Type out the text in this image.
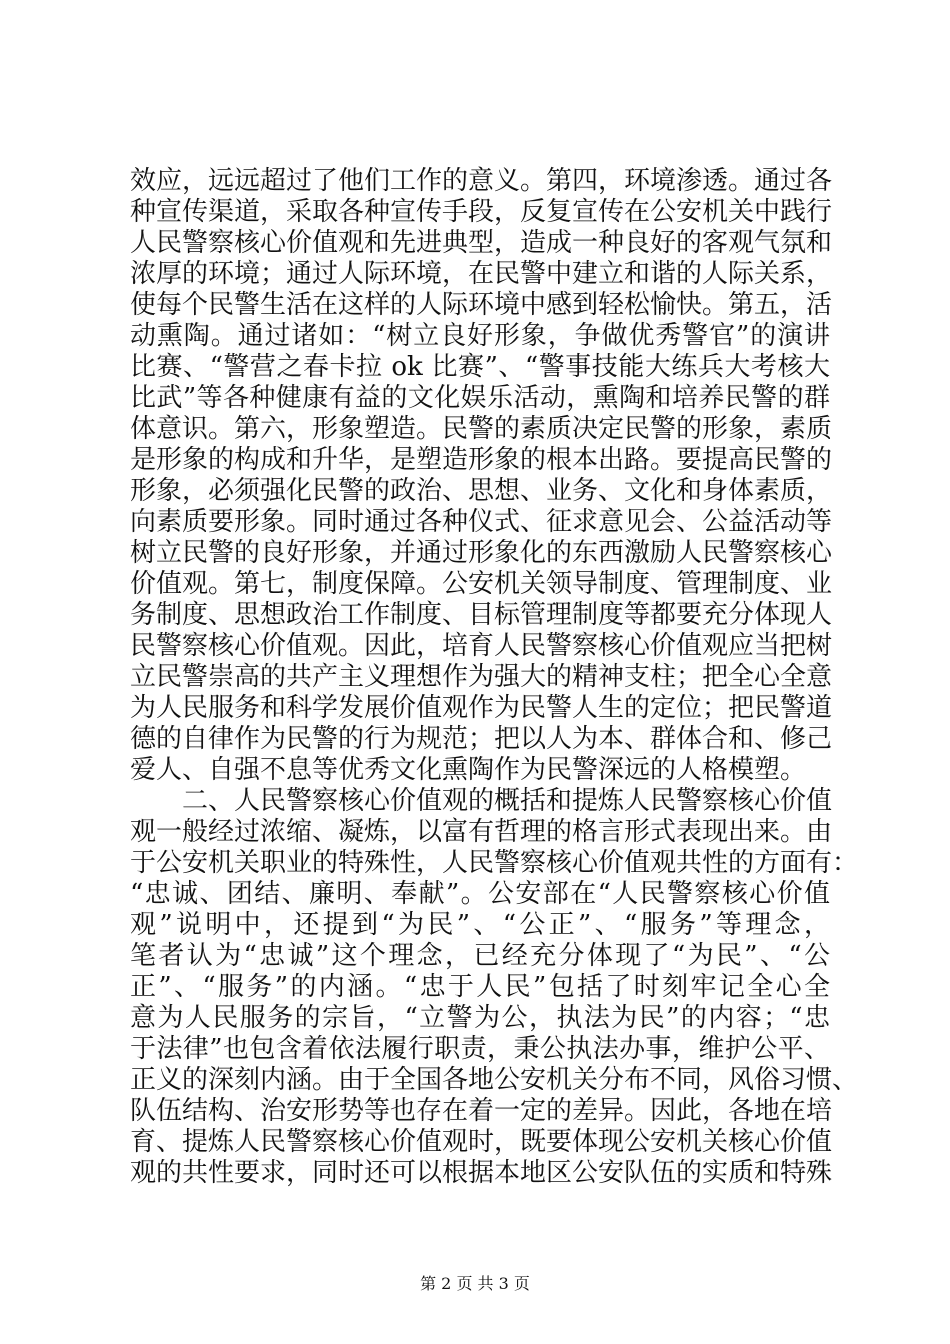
效应，远远超过了他们工作的意义。第四，环境渗透。通过各
种宣传渠道，采取各种宣传手段，反复宣传在公安机关中践行
人民警察核心价值观和先进典型，造成一种良好的客观气氛和
浓厚的环境；通过人际环境，在民警中建立和谐的人际关系，
使每个民警生活在这样的人际环境中感到轻松愉快。第五，活
动熏陶。通过诸如：“树立良好形象，争做优秀警官”的演讲
比赛、“警营之春卡拉 ok 比赛”、“警事技能大练兵大考核大
比武”等各种健康有益的文化娱乐活动，熏陶和培养民警的群
体意识。第六，形象塑造。民警的素质决定民警的形象，素质
是形象的构成和升华，是塑造形象的根本出路。要提高民警的
形象，必须强化民警的政治、思想、业务、文化和身体素质，
向素质要形象。同时通过各种仪式、征求意见会、公益活动等
树立民警的良好形象，并通过形象化的东西激励人民警察核心
价值观。第七，制度保障。公安机关领导制度、管理制度、业
务制度、思想政治工作制度、目标管理制度等都要充分体现人
民警察核心价值观。因此，培育人民警察核心价值观应当把树
立民警崇高的共产主义理想作为强大的精神支柱；把全心全意
为人民服务和科学发展价值观作为民警人生的定位；把民警道
德的自律作为民警的行为规范；把以人为本、群体合和、修己
爱人、自强不息等优秀文化熏陶作为民警深远的人格模塑。
　　二、人民警察核心价值观的概括和提炼人民警察核心价值
观一般经过浓缩、凝炼，以富有哲理的格言形式表现出来。由
于公安机关职业的特殊性，人民警察核心价值观共性的方面有：
“忠诚、团结、廉明、奉献”。公安部在“人民警察核心价值
观”说明中，还提到“为民”、“公正”、“服务”等理念，
笔者认为“忠诚”这个理念，已经充分体现了“为民”、“公
正”、“服务”的内涵。“忠于人民”包括了时刻牢记全心全
意为人民服务的宗旨，“立警为公，执法为民”的内容；“忠
于法律”也包含着依法履行职责，秉公执法办事，维护公平、
正义的深刻内涵。由于全国各地公安机关分布不同，风俗习惯、
队伍结构、治安形势等也存在着一定的差异。因此，各地在培
育、提炼人民警察核心价值观时，既要体现公安机关核心价值
观的共性要求，同时还可以根据本地区公安队伍的实质和特殊
第 2 页 共 3 页
